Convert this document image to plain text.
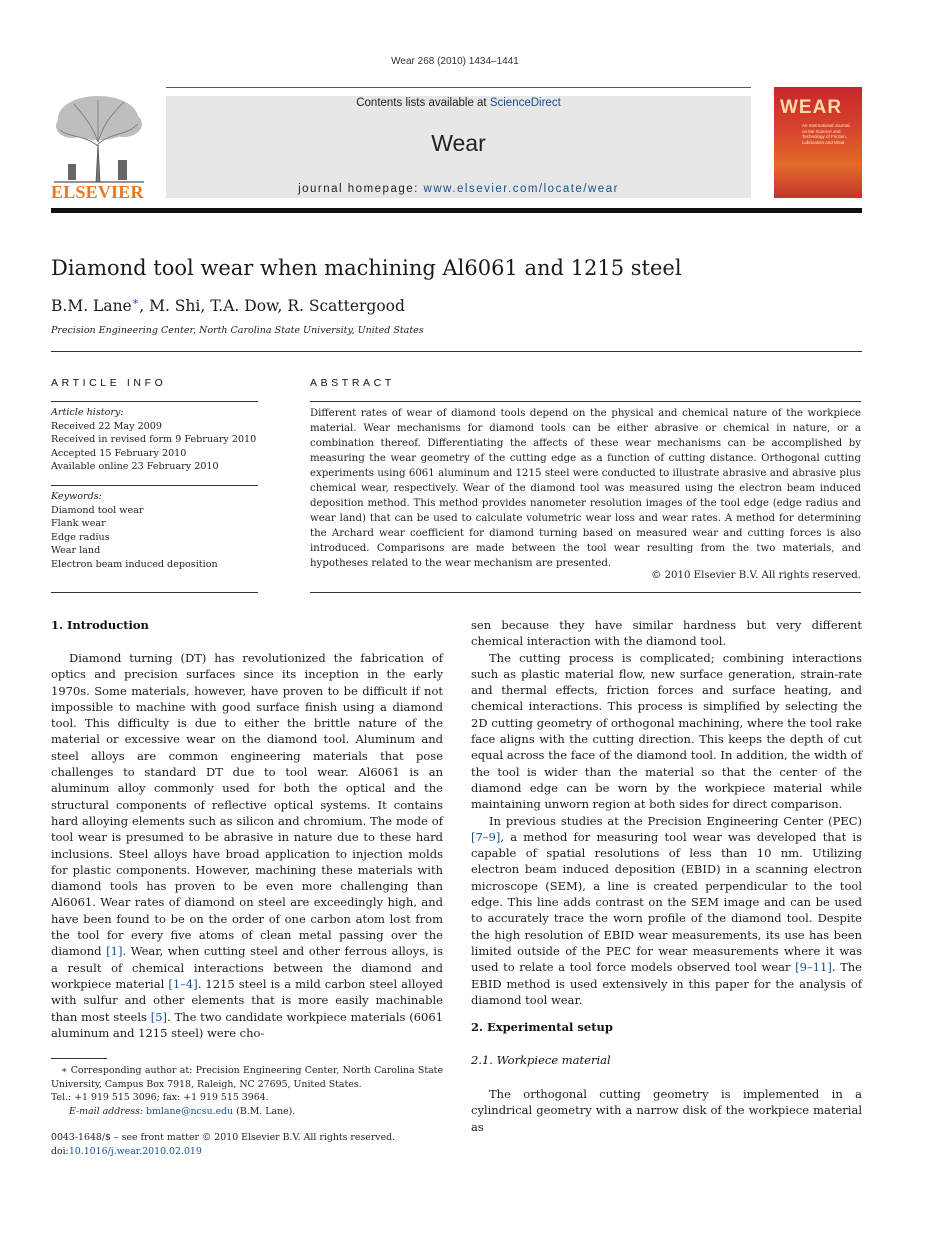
Wear 268 (2010) 1434–1441
ELSEVIER
Contents lists available at ScienceDirect
Wear
journal homepage: www.elsevier.com/locate/wear
WEAR
An International Journal on the Science and Technology of Friction, Lubrication and Wear
Diamond tool wear when machining Al6061 and 1215 steel
B.M. Lane∗, M. Shi, T.A. Dow, R. Scattergood
Precision Engineering Center, North Carolina State University, United States
ARTICLE INFO	ABSTRACT
Article history:
Received 22 May 2009
Received in revised form 9 February 2010
Accepted 15 February 2010
Available online 23 February 2010
Keywords:
Diamond tool wear
Flank wear
Edge radius
Wear land
Electron beam induced deposition
Different rates of wear of diamond tools depend on the physical and chemical nature of the workpiece material. Wear mechanisms for diamond tools can be either abrasive or chemical in nature, or a combination thereof. Differentiating the affects of these wear mechanisms can be accomplished by measuring the wear geometry of the cutting edge as a function of cutting distance. Orthogonal cutting experiments using 6061 aluminum and 1215 steel were conducted to illustrate abrasive and abrasive plus chemical wear, respectively. Wear of the diamond tool was measured using the electron beam induced deposition method. This method provides nanometer resolution images of the tool edge (edge radius and wear land) that can be used to calculate volumetric wear loss and wear rates. A method for determining the Archard wear coefficient for diamond turning based on measured wear and cutting forces is also introduced. Comparisons are made between the tool wear resulting from the two materials, and hypotheses related to the wear mechanism are presented.
© 2010 Elsevier B.V. All rights reserved.
1. Introduction

Diamond turning (DT) has revolutionized the fabrication of optics and precision surfaces since its inception in the early 1970s. Some materials, however, have proven to be difficult if not impossible to machine with good surface finish using a diamond tool. This difficulty is due to either the brittle nature of the material or excessive wear on the diamond tool. Aluminum and steel alloys are common engineering materials that pose challenges to standard DT due to tool wear. Al6061 is an aluminum alloy commonly used for both the optical and the structural components of reflective optical systems. It contains hard alloying elements such as silicon and chromium. The mode of tool wear is presumed to be abrasive in nature due to these hard inclusions. Steel alloys have broad application to injection molds for plastic components. However, machining these materials with diamond tools has proven to be even more challenging than Al6061. Wear rates of diamond on steel are exceedingly high, and have been found to be on the order of one carbon atom lost from the tool for every five atoms of clean metal passing over the diamond [1]. Wear, when cutting steel and other ferrous alloys, is a result of chemical interactions between the diamond and workpiece material [1–4]. 1215 steel is a mild carbon steel alloyed with sulfur and other elements that is more easily machinable than most steels [5]. The two candidate workpiece materials (6061 aluminum and 1215 steel) were cho-

∗ Corresponding author at: Precision Engineering Center, North Carolina State University, Campus Box 7918, Raleigh, NC 27695, United States.
Tel.: +1 919 515 3096; fax: +1 919 515 3964.
E-mail address: bmlane@ncsu.edu (B.M. Lane).
0043-1648/$ – see front matter © 2010 Elsevier B.V. All rights reserved.
doi:10.1016/j.wear.2010.02.019

sen because they have similar hardness but very different chemical interaction with the diamond tool.

The cutting process is complicated; combining interactions such as plastic material flow, new surface generation, strain-rate and thermal effects, friction forces and surface heating, and chemical interactions. This process is simplified by selecting the 2D cutting geometry of orthogonal machining, where the tool rake face aligns with the cutting direction. This keeps the depth of cut equal across the face of the diamond tool. In addition, the width of the tool is wider than the material so that the center of the diamond edge can be worn by the workpiece material while maintaining unworn region at both sides for direct comparison.

In previous studies at the Precision Engineering Center (PEC) [7–9], a method for measuring tool wear was developed that is capable of spatial resolutions of less than 10 nm. Utilizing electron beam induced deposition (EBID) in a scanning electron microscope (SEM), a line is created perpendicular to the tool edge. This line adds contrast on the SEM image and can be used to accurately trace the worn profile of the diamond tool. Despite the high resolution of EBID wear measurements, its use has been limited outside of the PEC for wear measurements where it was used to relate a tool force models observed tool wear [9–11]. The EBID method is used extensively in this paper for the analysis of diamond tool wear.

2. Experimental setup
2.1. Workpiece material

The orthogonal cutting geometry is implemented in a cylindrical geometry with a narrow disk of the workpiece material as
